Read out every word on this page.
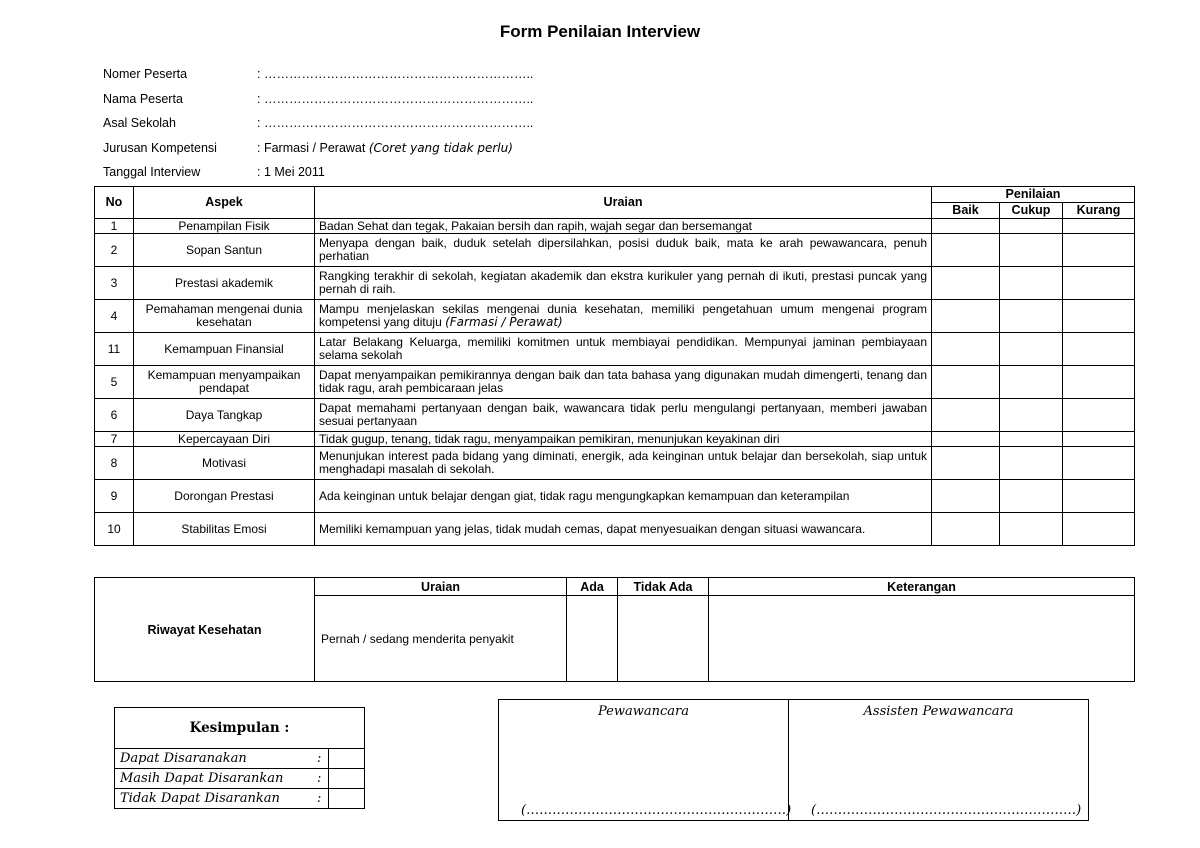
Form Penilaian Interview
Nomer Peserta	: ………………………………………………………..
Nama Peserta	: ………………………………………………………..
Asal Sekolah	: ………………………………………………………..
Jurusan Kompetensi	: Farmasi / Perawat
(Coret yang tidak perlu)
Tanggal Interview	: 1 Mei 2011
No	Aspek	Uraian	Penilaian		
			Baik	Cukup	Kurang
1	Penampilan Fisik	Badan Sehat dan tegak, Pakaian bersih dan rapih, wajah segar dan bersemangat			
2	Sopan Santun	Menyapa dengan baik, duduk setelah dipersilahkan, posisi duduk baik, mata ke arah pewawancara, penuh perhatian			
3	Prestasi akademik	Rangking terakhir di sekolah, kegiatan akademik dan ekstra kurikuler yang pernah di ikuti, prestasi puncak yang pernah di raih.			
4	Pemahaman mengenai dunia kesehatan	Mampu menjelaskan sekilas mengenai dunia kesehatan, memiliki pengetahuan umum mengenai program kompetensi yang dituju (Farmasi / Perawat)			
11	Kemampuan Finansial	Latar Belakang Keluarga, memiliki komitmen untuk membiayai pendidikan. Mempunyai jaminan pembiayaan selama sekolah			
5	Kemampuan menyampaikan pendapat	Dapat menyampaikan pemikirannya dengan baik dan tata bahasa yang digunakan mudah dimengerti, tenang dan tidak ragu, arah pembicaraan jelas			
6	Daya Tangkap	Dapat memahami pertanyaan dengan baik, wawancara tidak perlu mengulangi pertanyaan, memberi jawaban sesuai pertanyaan			
7	Kepercayaan Diri	Tidak gugup, tenang, tidak ragu, menyampaikan pemikiran, menunjukan keyakinan diri			
8	Motivasi	Menunjukan interest pada bidang yang diminati, energik, ada keinginan untuk belajar dan bersekolah, siap untuk menghadapi masalah di sekolah.			
9	Dorongan Prestasi	Ada keinginan untuk belajar dengan giat, tidak ragu mengungkapkan kemampuan dan keterampilan			
10	Stabilitas Emosi	Memiliki kemampuan yang jelas, tidak mudah cemas, dapat menyesuaikan dengan situasi wawancara.			
Riwayat Kesehatan	Uraian	Ada	Tidak Ada	Keterangan
	Pernah / sedang menderita penyakit			
Kesimpulan :		
Dapat Disaranakan	:	
Masih Dapat Disarankan	:	
Tidak Dapat Disarankan	:	
Pewawancara
(……………………………………………………)

Assisten Pewawancara
(……………………………………………………)
